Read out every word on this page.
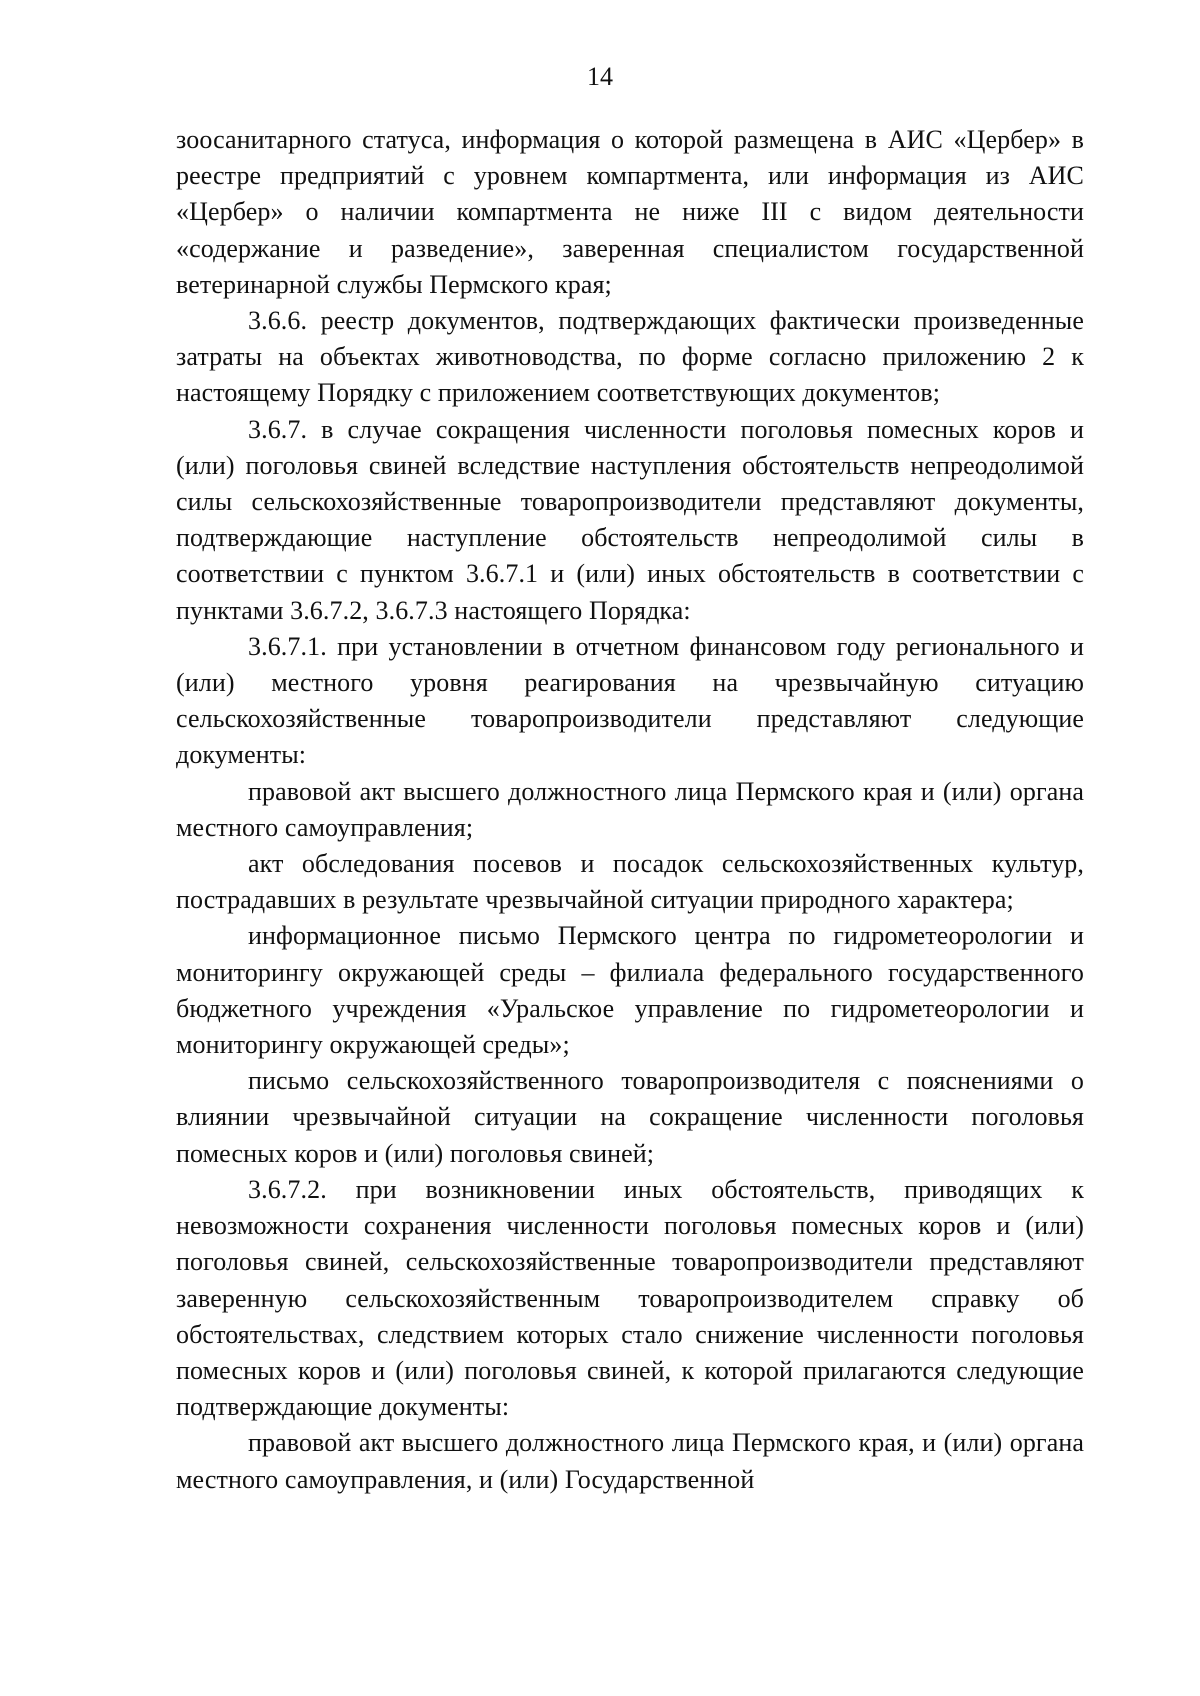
14

зоосанитарного статуса, информация о которой размещена в АИС «Цербер» в реестре предприятий с уровнем компартмента, или информация из АИС «Цербер» о наличии компартмента не ниже III с видом деятельности «содержание и разведение», заверенная специалистом государственной ветеринарной службы Пермского края;

3.6.6. реестр документов, подтверждающих фактически произведенные затраты на объектах животноводства, по форме согласно приложению 2 к настоящему Порядку с приложением соответствующих документов;

3.6.7. в случае сокращения численности поголовья помесных коров и (или) поголовья свиней вследствие наступления обстоятельств непреодолимой силы сельскохозяйственные товаропроизводители представляют документы, подтверждающие наступление обстоятельств непреодолимой силы в соответствии с пунктом 3.6.7.1 и (или) иных обстоятельств в соответствии с пунктами 3.6.7.2, 3.6.7.3 настоящего Порядка:

3.6.7.1. при установлении в отчетном финансовом году регионального и (или) местного уровня реагирования на чрезвычайную ситуацию сельскохозяйственные товаропроизводители представляют следующие документы:

правовой акт высшего должностного лица Пермского края и (или) органа местного самоуправления;

акт обследования посевов и посадок сельскохозяйственных культур, пострадавших в результате чрезвычайной ситуации природного характера;

информационное письмо Пермского центра по гидрометеорологии и мониторингу окружающей среды – филиала федерального государственного бюджетного учреждения «Уральское управление по гидрометеорологии и мониторингу окружающей среды»;

письмо сельскохозяйственного товаропроизводителя с пояснениями о влиянии чрезвычайной ситуации на сокращение численности поголовья помесных коров и (или) поголовья свиней;

3.6.7.2. при возникновении иных обстоятельств, приводящих к невозможности сохранения численности поголовья помесных коров и (или) поголовья свиней, сельскохозяйственные товаропроизводители представляют заверенную сельскохозяйственным товаропроизводителем справку об обстоятельствах, следствием которых стало снижение численности поголовья помесных коров и (или) поголовья свиней, к которой прилагаются следующие подтверждающие документы:

правовой акт высшего должностного лица Пермского края, и (или) органа местного самоуправления, и (или) Государственной
